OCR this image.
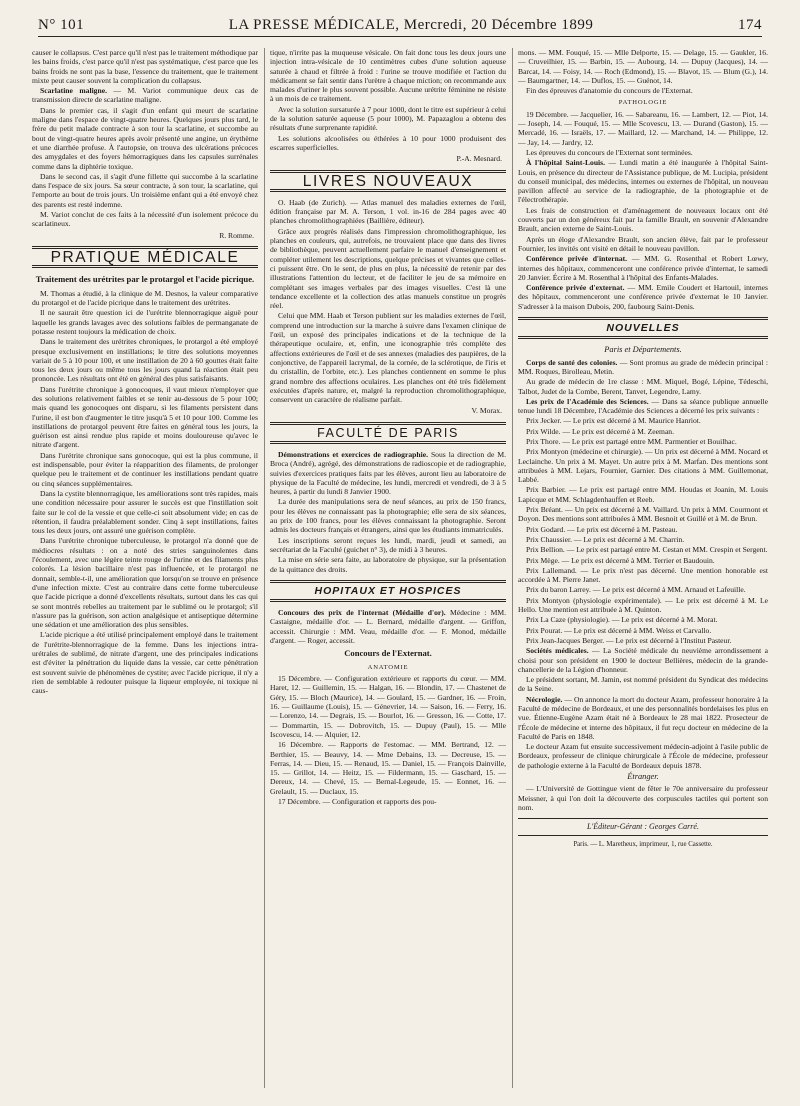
N° 101	LA PRESSE MÉDICALE, Mercredi, 20 Décembre 1899	174

causer le collapsus. C'est parce qu'il n'est pas le traitement méthodique par les bains froids, c'est parce qu'il n'est pas systématique, c'est parce que les bains froids ne sont pas la base, l'essence du traitement, que le traitement mixte peut causer souvent la complication du collapsus.

Scarlatine maligne. — M. Variot communique deux cas de transmission directe de scarlatine maligne.

Dans le premier cas, il s'agit d'un enfant qui meurt de scarlatine maligne dans l'espace de vingt-quatre heures. Quelques jours plus tard, le frère du petit malade contracte à son tour la scarlatine, et succombe au bout de vingt-quatre heures après avoir présenté une angine, un érythème et une diarrhée profuse. À l'autopsie, on trouva des ulcérations précoces des amygdales et des foyers hémorragiques dans les capsules surrénales comme dans la diphtérie toxique.

Dans le second cas, il s'agit d'une fillette qui succombe à la scarlatine dans l'espace de six jours. Sa sœur contracte, à son tour, la scarlatine, qui l'emporte au bout de trois jours. Un troisième enfant qui a été envoyé chez des parents est resté indemne.

M. Variot conclut de ces faits à la nécessité d'un isolement précoce du scarlatineux.

R. Romme.
PRATIQUE MÉDICALE
Traitement des urétrites par le protargol et l'acide picrique.

M. Thomas a étudié, à la clinique de M. Desnos, la valeur comparative du protargol et de l'acide picrique dans le traitement des urétrites.

Il ne saurait être question ici de l'urétrite blennorragique aiguë pour laquelle les grands lavages avec des solutions faibles de permanganate de potasse restent toujours la médication de choix.

Dans le traitement des urétrites chroniques, le protargol a été employé presque exclusivement en instillations; le titre des solutions moyennes variait de 5 à 10 pour 100, et une instillation de 20 à 60 gouttes était faite tous les deux jours ou même tous les jours quand la réaction était peu prononcée. Les résultats ont été en général des plus satisfaisants.

Dans l'urétrite chronique à gonocoques, il vaut mieux n'employer que des solutions relativement faibles et se tenir au-dessous de 5 pour 100; mais quand les gonocoques ont disparu, si les filaments persistent dans l'urine, il est bon d'augmenter le titre jusqu'à 5 et 10 pour 100. Comme les instillations de protargol peuvent être faites en général tous les jours, la guérison est ainsi rendue plus rapide et moins douloureuse qu'avec le nitrate d'argent.

Dans l'urétrite chronique sans gonocoque, qui est la plus commune, il est indispensable, pour éviter la réapparition des filaments, de prolonger quelque peu le traitement et de continuer les instillations pendant quatre ou cinq séances supplémentaires.

Dans la cystite blennorragique, les améliorations sont très rapides, mais une condition nécessaire pour assurer le succès est que l'instillation soit faite sur le col de la vessie et que celle-ci soit absolument vide; en cas de rétention, il faudra préalablement sonder. Cinq à sept instillations, faites tous les deux jours, ont assuré une guérison complète.

Dans l'urétrite chronique tuberculeuse, le protargol n'a donné que de médiocres résultats : on a noté des stries sanguinolentes dans l'écoulement, avec une légère teinte rouge de l'urine et des filaments plus colorés. La lésion bacillaire n'est pas influencée, et le protargol ne donnait, semble-t-il, une amélioration que lorsqu'on se trouve en présence d'une infection mixte. C'est au contraire dans cette forme tuberculeuse que l'acide picrique a donné d'excellents résultats, surtout dans les cas qui se sont montrés rebelles au traitement par le sublimé ou le protargol; s'il n'assure pas la guérison, son action analgésique et antiseptique détermine une sédation et une amélioration des plus sensibles.

L'acide picrique a été utilisé principalement employé dans le traitement de l'urétrite-blennorragique de la femme. Dans les injections intra-urétrales de sublimé, de nitrate d'argent, une des principales indications est d'éviter la pénétration du liquide dans la vessie, car cette pénétration est souvent suivie de phénomènes de cystite; avec l'acide picrique, il n'y a rien de semblable à redouter puisque la liqueur employée, ni toxique ni caus-

tique, n'irrite pas la muqueuse vésicale. On fait donc tous les deux jours une injection intra-vésicale de 10 centimètres cubes d'une solution aqueuse saturée à chaud et filtrée à froid : l'urine se trouve modifiée et l'action du médicament se fait sentir dans l'urètre à chaque miction; on recommande aux malades d'uriner le plus souvent possible. Aucune urétrite féminine ne résiste à un mois de ce traitement.

Avec la solution sursaturée à 7 pour 1000, dont le titre est supérieur à celui de la solution saturée aqueuse (5 pour 1000), M. Papazaglou a obtenu des résultats d'une surprenante rapidité.

Les solutions alcoolisées ou éthérées à 10 pour 1000 produisent des escarres superficielles.

P.-A. Mesnard.
LIVRES NOUVEAUX

O. Haab (de Zurich). — Atlas manuel des maladies externes de l'œil, édition française par M. A. Terson, 1 vol. in-16 de 284 pages avec 40 planches chromolithographiées (Baillière, éditeur).

Grâce aux progrès réalisés dans l'impression chromolithographique, les planches en couleurs, qui, autrefois, ne trouvaient place que dans des livres de bibliothèque, peuvent actuellement parfaire le manuel d'enseignement et compléter utilement les descriptions, quelque précises et vivantes que celles-ci puissent être. On le sent, de plus en plus, la nécessité de retenir par des illustrations l'attention du lecteur, et de faciliter le jeu de sa mémoire en complétant ses images verbales par des images visuelles. C'est là une tendance excellente et la collection des atlas manuels constitue un progrès réel.

Celui que MM. Haab et Terson publient sur les maladies externes de l'œil, comprend une introduction sur la marche à suivre dans l'examen clinique de l'œil, un exposé des principales indications et de la technique de la thérapeutique oculaire, et, enfin, une iconographie très complète des affections extérieures de l'œil et de ses annexes (maladies des paupières, de la conjonctive, de l'appareil lacrymal, de la cornée, de la sclérotique, de l'iris et du cristallin, de l'orbite, etc.). Les planches contiennent en somme le plus grand nombre des affections oculaires. Les planches ont été très fidèlement exécutées d'après nature, et, malgré la reproduction chromolithographique, conservent un caractère de réalisme parfait.

V. Morax.
FACULTÉ DE PARIS

Démonstrations et exercices de radiographie. Sous la direction de M. Broca (André), agrégé, des démonstrations de radioscopie et de radiographie, suivies d'exercices pratiques faits par les élèves, auront lieu au laboratoire de physique de la Faculté de médecine, les lundi, mercredi et vendredi, de 3 à 5 heures, à partir du lundi 8 Janvier 1900.

La durée des manipulations sera de neuf séances, au prix de 150 francs, pour les élèves ne connaissant pas la photographie; elle sera de six séances, au prix de 100 francs, pour les élèves connaissant la photographie. Seront admis les docteurs français et étrangers, ainsi que les étudiants immatriculés.

Les inscriptions seront reçues les lundi, mardi, jeudi et samedi, au secrétariat de la Faculté (guichet n° 3), de midi à 3 heures.

La mise en série sera faite, au laboratoire de physique, sur la présentation de la quittance des droits.

HOPITAUX ET HOSPICES

Concours des prix de l'internat (Médaille d'or). Médecine : MM. Castaigne, médaille d'or. — L. Bernard, médaille d'argent. — Griffon, accessit. Chirurgie : MM. Veau, médaille d'or. — F. Monod, médaille d'argent. — Roger, accessit.

Concours de l'Externat.
ANATOMIE

15 Décembre. — Configuration extérieure et rapports du cœur. — MM. Haret, 12. — Guillemin, 15. — Halgan, 16. — Blondin, 17. — Chastenet de Géry, 15. — Bloch (Maurice), 14. — Goulard, 15. — Gardner, 16. — Froin, 16. — Guillaume (Louis), 15. — Génevrier, 14. — Saison, 16. — Ferry, 16. — Lorenzo, 14. — Degrais, 15. — Bourlot, 16. — Gresson, 16. — Cotte, 17. — Dommartin, 15. — Dobrovitch, 15. — Dupuy (Paul), 15. — Mlle Iscovescu, 14. — Alquier, 12.

16 Décembre. — Rapports de l'estomac. — MM. Bertrand, 12. — Berthier, 15. — Beauvy, 14. — Mme Debains, 13. — Decreuse, 15. — Ferras, 14. — Dieu, 15. — Renaud, 15. — Daniel, 15. — François Dainville, 15. — Grillot, 14. — Heitz, 15. — Fildermann, 15. — Gaschard, 15. — Dereux, 14. — Chevé, 15. — Bernal-Legeude, 15. — Eonnet, 16. — Grelault, 15. — Duclaux, 15.

17 Décembre. — Configuration et rapports des pou-

mons. — MM. Fouqué, 15. — Mlle Delporte, 15. — Delage, 15. — Gaukler, 16. — Cruveilhier, 15. — Barbin, 15. — Aubourg, 14. — Dupuy (Jacques), 14. — Barcat, 14. — Foisy, 14. — Roch (Edmond), 15. — Blavot, 15. — Blum (G.), 14. — Baumgartner, 14. — Duflos, 15. — Guénot, 14.

Fin des épreuves d'anatomie du concours de l'Externat.

PATHOLOGIE

19 Décembre. — Jacquelier, 16. — Sabareanu, 16. — Lambert, 12. — Piot, 14. — Joseph, 14. — Fouqué, 15. — Mlle Scovescu, 13. — Durand (Gaston), 15. — Mercadé, 16. — Israëls, 17. — Maillard, 12. — Marchand, 14. — Philippe, 12. — Jay, 14. — Jardry, 12.

Les épreuves du concours de l'Externat sont terminées.

À l'hôpital Saint-Louis. — Lundi matin a été inaugurée à l'hôpital Saint-Louis, en présence du directeur de l'Assistance publique, de M. Lucipia, président du conseil municipal, des médecins, internes ou externes de l'hôpital, un nouveau pavillon affecté au service de la radiographie, de la photographie et de l'électrothérapie.

Les frais de construction et d'aménagement de nouveaux locaux ont été couverts par un don généreux fait par la famille Brault, en souvenir d'Alexandre Brault, ancien externe de Saint-Louis.

Après un éloge d'Alexandre Brault, son ancien élève, fait par le professeur Fournier, les invités ont visité en détail le nouveau pavillon.

Conférence privée d'internat. — MM. G. Rosenthal et Robert Lœwy, internes des hôpitaux, commenceront une conférence privée d'internat, le samedi 20 Janvier. Écrire à M. Rosenthal à l'hôpital des Enfants-Malades.

Conférence privée d'externat. — MM. Emile Coudert et Hartouil, internes des hôpitaux, commenceront une conférence privée d'externat le 10 Janvier. S'adresser à la maison Dubois, 200, faubourg Saint-Denis.

NOUVELLES
Paris et Départements.

Corps de santé des colonies. — Sont promus au grade de médecin principal : MM. Roques, Birolleau, Metin.

Au grade de médecin de 1re classe : MM. Miquel, Bogé, Lépine, Tédeschi, Talbot, Judet de la Combe, Berent, Tanvet, Legendre, Lamy.

Les prix de l'Académie des Sciences. — Dans sa séance publique annuelle tenue lundi 18 Décembre, l'Académie des Sciences a décerné les prix suivants :

Prix Jecker. — Le prix est décerné à M. Maurice Hanriot.

Prix Wilde. — Le prix est décerné à M. Zeeman.

Prix Thore. — Le prix est partagé entre MM. Parmentier et Bouilhac.

Prix Montyon (médecine et chirurgie). — Un prix est décerné à MM. Nocard et Leclainche. Un prix à M. Mayet. Un autre prix à M. Marfan. Des mentions sont attribuées à MM. Lejars, Fournier, Garnier. Des citations à MM. Guillemonat, Labbé.

Prix Barbier. — Le prix est partagé entre MM. Houdas et Joanin, M. Louis Lapicque et MM. Schlagdenhauffen et Reeb.

Prix Bréant. — Un prix est décerné à M. Vaillard. Un prix à MM. Courmont et Doyon. Des mentions sont attribuées à MM. Besnoit et Guillé et à M. de Brun.

Prix Godard. — Le prix est décerné à M. Pasteau.

Prix Chaussier. — Le prix est décerné à M. Charrin.

Prix Bellion. — Le prix est partagé entre M. Cestan et MM. Crespin et Sergent.

Prix Mège. — Le prix est décerné à MM. Terrier et Baudouin.

Prix Lallemand. — Le prix n'est pas décerné. Une mention honorable est accordée à M. Pierre Janet.

Prix du baron Larrey. — Le prix est décerné à MM. Arnaud et Lafeuille.

Prix Montyon (physiologie expérimentale). — Le prix est décerné à M. Le Hello. Une mention est attribuée à M. Quinton.

Prix La Caze (physiologie). — Le prix est décerné à M. Morat.

Prix Pourat. — Le prix est décerné à MM. Weiss et Carvallo.

Prix Jean-Jacques Berger. — Le prix est décerné à l'Institut Pasteur.

Sociétés médicales. — La Société médicale du neuvième arrondissement a choisi pour son président en 1900 le docteur Bellières, médecin de la grande-chancellerie de la Légion d'honneur.

Le président sortant, M. Jamin, est nommé président du Syndicat des médecins de la Seine.

Nécrologie. — On annonce la mort du docteur Azam, professeur honoraire à la Faculté de médecine de Bordeaux, et une des personnalités bordelaises les plus en vue. Étienne-Eugène Azam était né à Bordeaux le 28 mai 1822. Prosecteur de l'École de médecine et interne des hôpitaux, il fut reçu docteur en médecine de la Faculté de Paris en 1848.

Le docteur Azam fut ensuite successivement médecin-adjoint à l'asile public de Bordeaux, professeur de clinique chirurgicale à l'École de médecine, professeur de pathologie externe à la Faculté de Bordeaux depuis 1878.

Étranger.

— L'Université de Gottingue vient de fêter le 70e anniversaire du professeur Meissner, à qui l'on doit la découverte des corpuscules tactiles qui portent son nom.

L'Éditeur-Gérant : Georges Carré.
Paris. — L. Maretheux, imprimeur, 1, rue Cassette.
